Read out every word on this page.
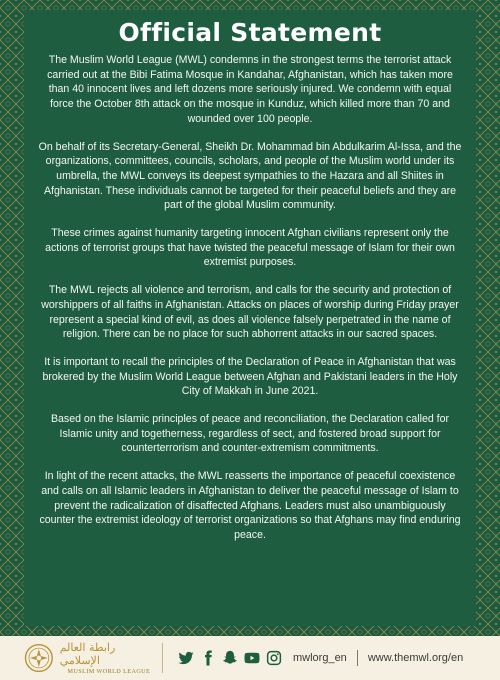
Official Statement

The Muslim World League (MWL) condemns in the strongest terms the terrorist attack carried out at the Bibi Fatima Mosque in Kandahar, Afghanistan, which has taken more than 40 innocent lives and left dozens more seriously injured. We condemn with equal force the October 8th attack on the mosque in Kunduz, which killed more than 70 and wounded over 100 people.

On behalf of its Secretary-General, Sheikh Dr. Mohammad bin Abdulkarim Al-Issa, and the organizations, committees, councils, scholars, and people of the Muslim world under its umbrella, the MWL conveys its deepest sympathies to the Hazara and all Shiites in Afghanistan. These individuals cannot be targeted for their peaceful beliefs and they are part of the global Muslim community.

These crimes against humanity targeting innocent Afghan civilians represent only the actions of terrorist groups that have twisted the peaceful message of Islam for their own extremist purposes.

The MWL rejects all violence and terrorism, and calls for the security and protection of worshippers of all faiths in Afghanistan. Attacks on places of worship during Friday prayer represent a special kind of evil, as does all violence falsely perpetrated in the name of religion. There can be no place for such abhorrent attacks in our sacred spaces.

It is important to recall the principles of the Declaration of Peace in Afghanistan that was brokered by the Muslim World League between Afghan and Pakistani leaders in the Holy City of Makkah in June 2021.

Based on the Islamic principles of peace and reconciliation, the Declaration called for Islamic unity and togetherness, regardless of sect, and fostered broad support for counterterrorism and counter-extremism commitments.

In light of the recent attacks, the MWL reasserts the importance of peaceful coexistence and calls on all Islamic leaders in Afghanistan to deliver the peaceful message of Islam to prevent the radicalization of disaffected Afghans. Leaders must also unambiguously counter the extremist ideology of terrorist organizations so that Afghans may find enduring peace.

رابطة العالم الإسلامي
MUSLIM WORLD LEAGUE
mwlorg_en www.themwl.org/en
